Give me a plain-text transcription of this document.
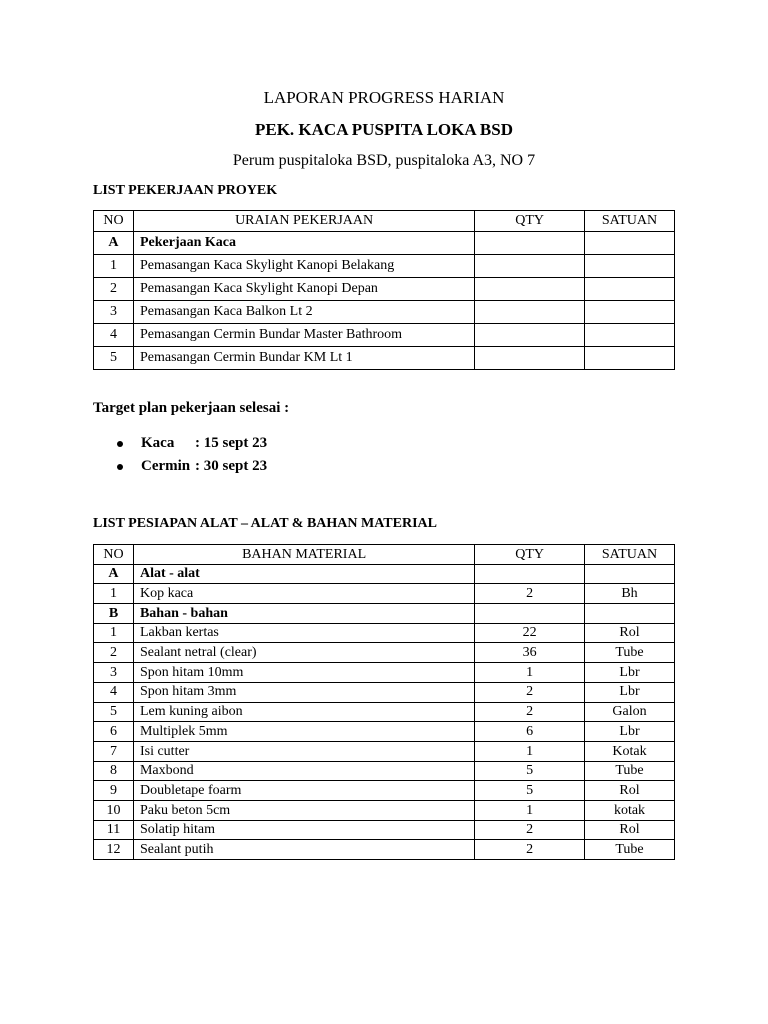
LAPORAN PROGRESS HARIAN
PEK. KACA PUSPITA LOKA BSD
Perum puspitaloka BSD, puspitaloka A3, NO 7
LIST PEKERJAAN PROYEK
NO	URAIAN PEKERJAAN	QTY	SATUAN
A	Pekerjaan Kaca		
1	Pemasangan Kaca Skylight Kanopi Belakang		
2	Pemasangan Kaca Skylight Kanopi Depan		
3	Pemasangan Kaca Balkon Lt 2		
4	Pemasangan Cermin Bundar Master Bathroom		
5	Pemasangan Cermin Bundar KM Lt 1		
Target plan pekerjaan selesai :
Kaca	: 15 sept 23
Cermin : 30 sept 23
LIST PESIAPAN ALAT – ALAT & BAHAN MATERIAL
NO	BAHAN MATERIAL	QTY	SATUAN
A	Alat - alat		
1	Kop kaca	2	Bh
B	Bahan - bahan		
1	Lakban kertas	22	Rol
2	Sealant netral (clear)	36	Tube
3	Spon hitam 10mm	1	Lbr
4	Spon hitam 3mm	2	Lbr
5	Lem kuning aibon	2	Galon
6	Multiplek 5mm	6	Lbr
7	Isi cutter	1	Kotak
8	Maxbond	5	Tube
9	Doubletape foarm	5	Rol
10	Paku beton 5cm	1	kotak
11	Solatip hitam	2	Rol
12	Sealant putih	2	Tube
